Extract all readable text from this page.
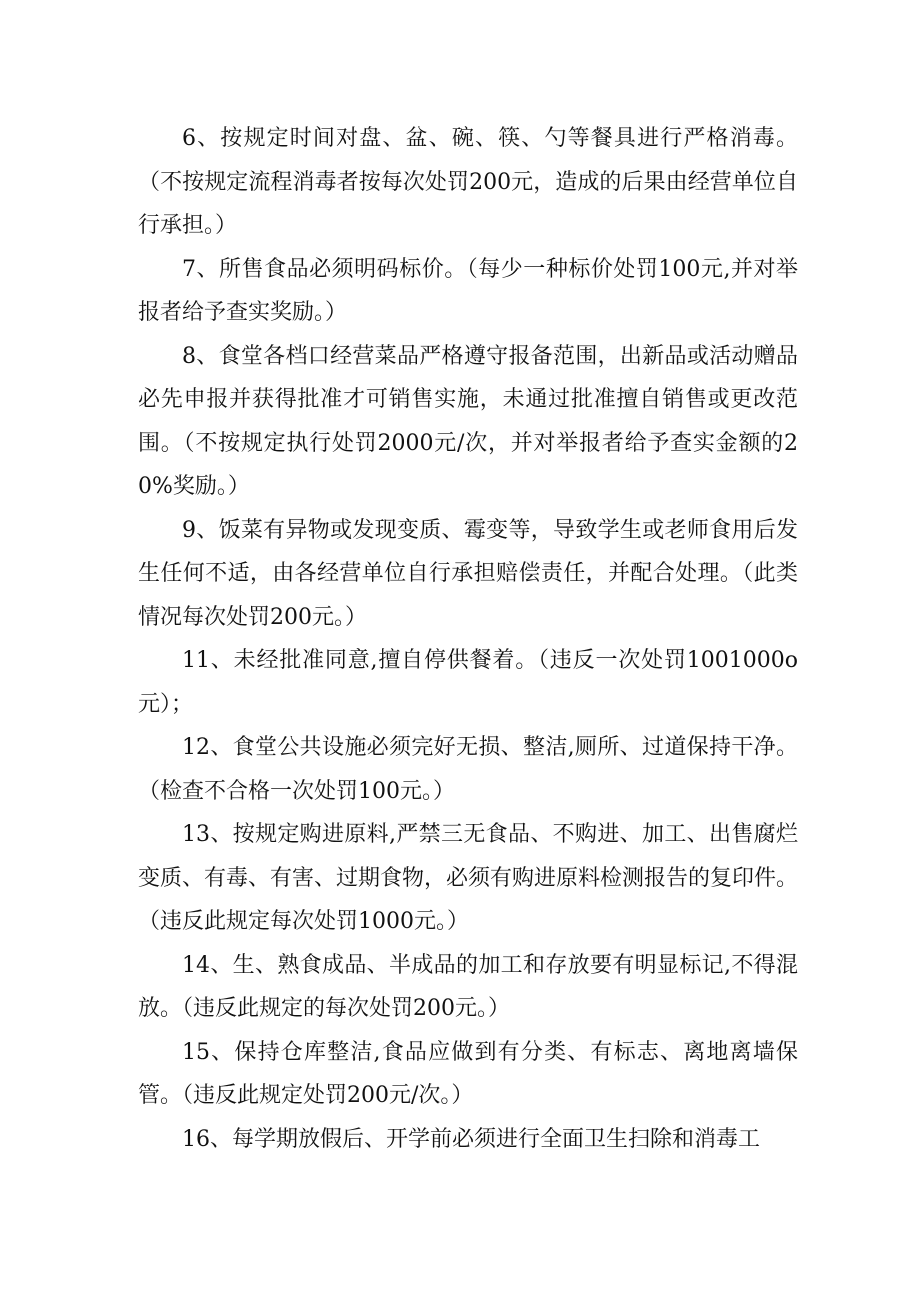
6、按规定时间对盘、盆、碗、筷、勺等餐具进行严格消毒。（不按规定流程消毒者按每次处罚200元，造成的后果由经营单位自行承担。）

7、所售食品必须明码标价。（每少一种标价处罚100元,并对举报者给予查实奖励。）

8、食堂各档口经营菜品严格遵守报备范围，出新品或活动赠品必先申报并获得批准才可销售实施，未通过批准擅自销售或更改范围。（不按规定执行处罚2000元/次，并对举报者给予查实金额的20%奖励。）

9、饭菜有异物或发现变质、霉变等，导致学生或老师食用后发生任何不适，由各经营单位自行承担赔偿责任，并配合处理。（此类情况每次处罚200元。）

11、未经批准同意,擅自停供餐着。（违反一次处罚1001000o元）；

12、食堂公共设施必须完好无损、整洁,厕所、过道保持干净。（检查不合格一次处罚100元。）

13、按规定购进原料,严禁三无食品、不购进、加工、出售腐烂变质、有毒、有害、过期食物，必须有购进原料检测报告的复印件。（违反此规定每次处罚1000元。）

14、生、熟食成品、半成品的加工和存放要有明显标记,不得混放。（违反此规定的每次处罚200元。）

15、保持仓库整洁,食品应做到有分类、有标志、离地离墙保管。（违反此规定处罚200元/次。）

16、每学期放假后、开学前必须进行全面卫生扫除和消毒工
